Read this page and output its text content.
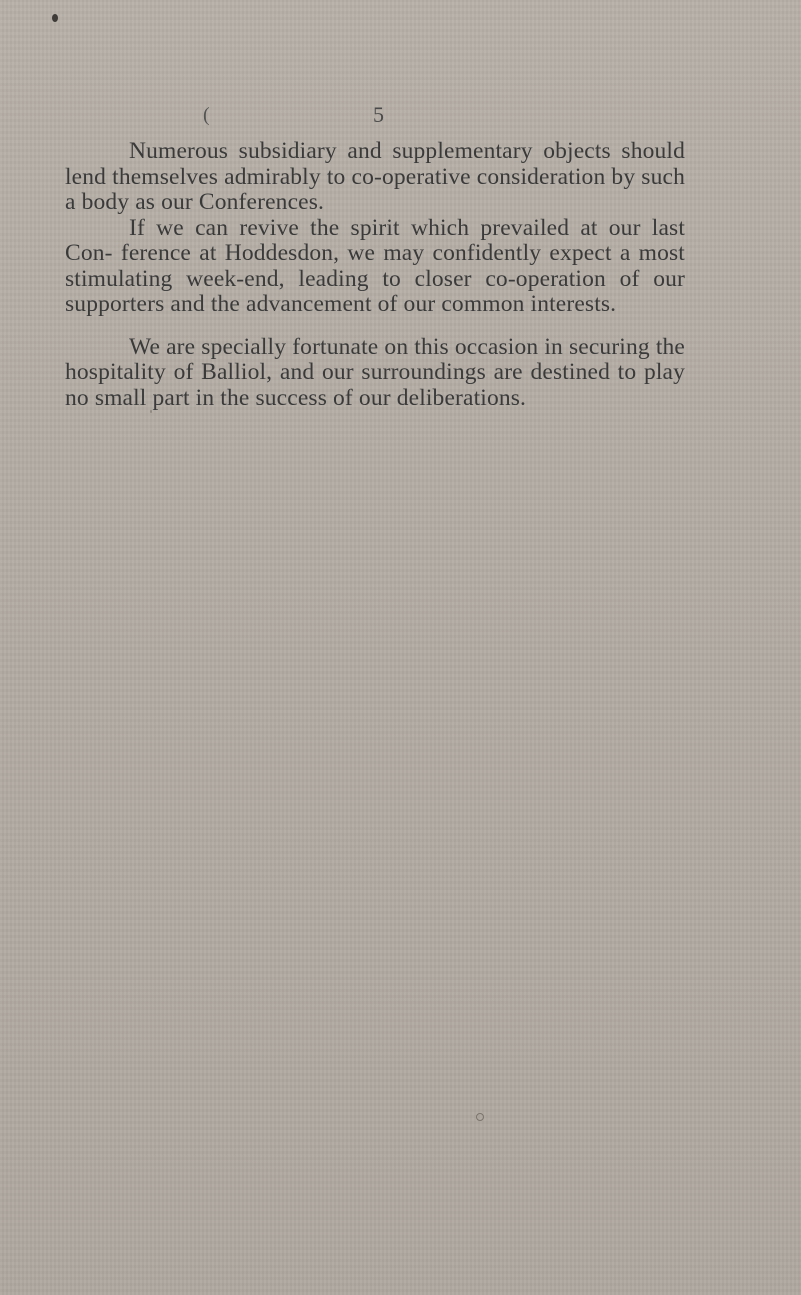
(	5

Numerous subsidiary and supplementary objects should lend themselves admirably to co-operative consideration by such a body as our Conferences.

If we can revive the spirit which prevailed at our last Con- ference at Hoddesdon, we may confidently expect a most stimulating week-end, leading to closer co-operation of our supporters and the advancement of our common interests.

We are specially fortunate on this occasion in securing the hospitality of Balliol, and our surroundings are destined to play no small part in the success of our deliberations.
